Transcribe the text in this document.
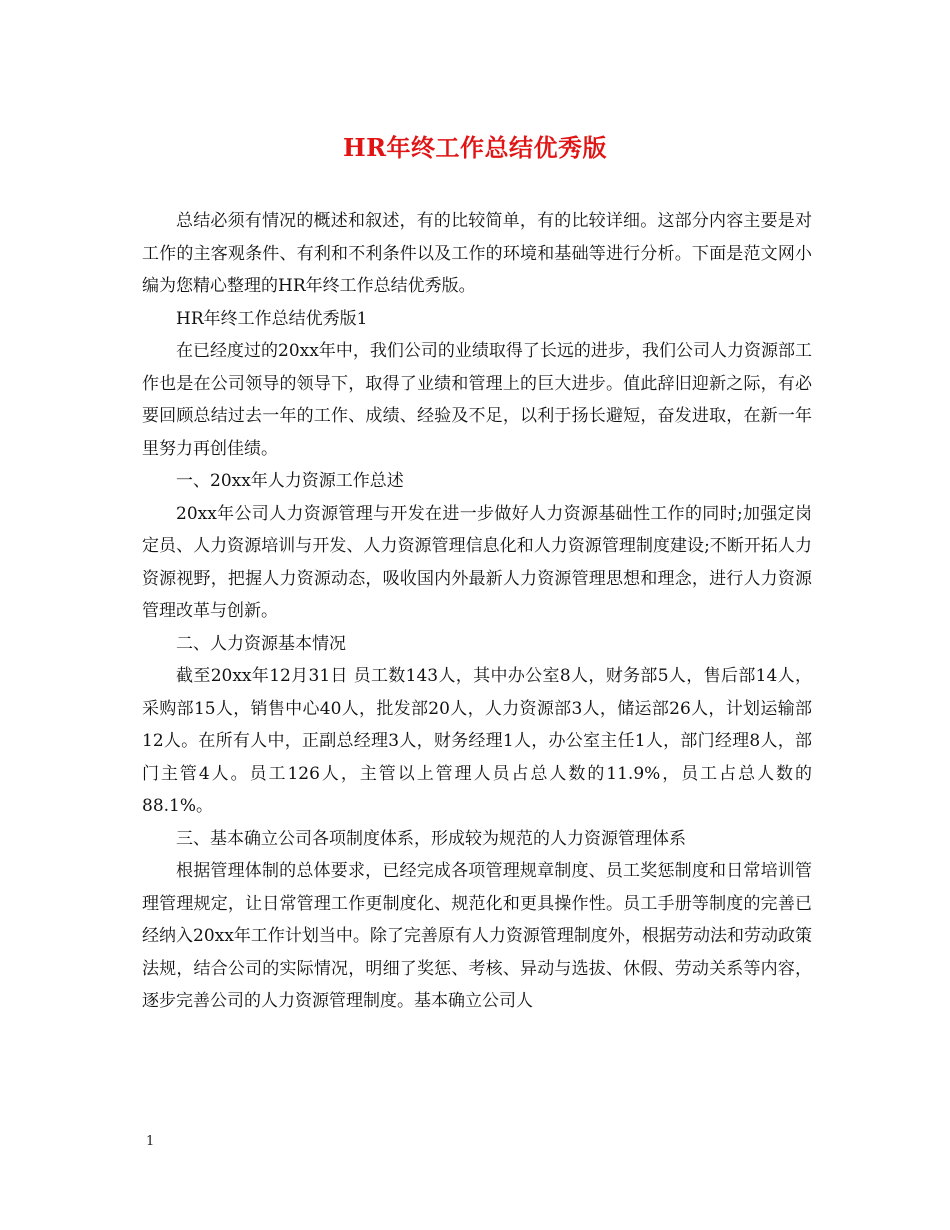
HR年终工作总结优秀版

总结必须有情况的概述和叙述，有的比较简单，有的比较详细。这部分内容主要是对工作的主客观条件、有利和不利条件以及工作的环境和基础等进行分析。下面是范文网小编为您精心整理的HR年终工作总结优秀版。

HR年终工作总结优秀版1

在已经度过的20xx年中，我们公司的业绩取得了长远的进步，我们公司人力资源部工作也是在公司领导的领导下，取得了业绩和管理上的巨大进步。值此辞旧迎新之际，有必要回顾总结过去一年的工作、成绩、经验及不足，以利于扬长避短，奋发进取，在新一年里努力再创佳绩。

一、20xx年人力资源工作总述

20xx年公司人力资源管理与开发在进一步做好人力资源基础性工作的同时;加强定岗定员、人力资源培训与开发、人力资源管理信息化和人力资源管理制度建设;不断开拓人力资源视野，把握人力资源动态，吸收国内外最新人力资源管理思想和理念，进行人力资源管理改革与创新。

二、人力资源基本情况

截至20xx年12月31日 员工数143人，其中办公室8人，财务部5人，售后部14人，采购部15人，销售中心40人，批发部20人，人力资源部3人，储运部26人，计划运输部12人。在所有人中，正副总经理3人，财务经理1人，办公室主任1人，部门经理8人，部门主管4人。员工126人，主管以上管理人员占总人数的11.9%，员工占总人数的88.1%。

三、基本确立公司各项制度体系，形成较为规范的人力资源管理体系

根据管理体制的总体要求，已经完成各项管理规章制度、员工奖惩制度和日常培训管理管理规定，让日常管理工作更制度化、规范化和更具操作性。员工手册等制度的完善已经纳入20xx年工作计划当中。除了完善原有人力资源管理制度外，根据劳动法和劳动政策法规，结合公司的实际情况，明细了奖惩、考核、异动与选拔、休假、劳动关系等内容，逐步完善公司的人力资源管理制度。基本确立公司人

1
